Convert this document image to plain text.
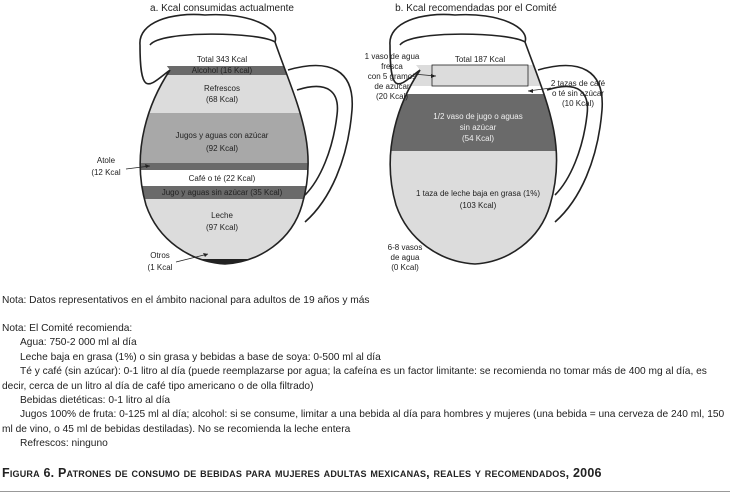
a. Kcal consumidas actualmente	b. Kcal recomendadas por el Comité
Total 343 Kcal
Alcohol (16 Kcal)
Refrescos
(68 Kcal)
Jugos y aguas con azúcar
(92 Kcal)
Café o té (22 Kcal)
Jugo y aguas sin azúcar (35 Kcal)
Leche
(97 Kcal)
Atole
(12 Kcal
Otros
(1 Kcal
Total 187 Kcal
1/2 vaso de jugo o aguas
sin azúcar
(54 Kcal)
1 taza de leche baja en grasa (1%)
(103 Kcal)
1 vaso de agua
fresca
con 5 gramos
de azúcar
(20 Kcal)
2 tazas de café
o té sin azúcar
(10 Kcal)
6-8 vasos
de agua
(0 Kcal)
Nota: Datos representativos en el ámbito nacional para adultos de 19 años y más
Nota: El Comité recomienda:
Agua: 750-2 000 ml al día
Leche baja en grasa (1%) o sin grasa y bebidas a base de soya: 0-500 ml al día
Té y café (sin azúcar): 0-1 litro al día (puede reemplazarse por agua; la cafeína es un factor limitante: se recomienda no tomar más de 400 mg al día, es decir, cerca de un litro al día de café tipo americano o de olla filtrado)
Bebidas dietéticas: 0-1 litro al día
Jugos 100% de fruta: 0-125 ml al día; alcohol: si se consume, limitar a una bebida al día para hombres y mujeres (una bebida = una cerveza de 240 ml, 150 ml de vino, o 45 ml de bebidas destiladas). No se recomienda la leche entera
Refrescos: ninguno
Figura 6. Patrones de consumo de bebidas para mujeres adultas mexicanas, reales y recomendados, 2006
